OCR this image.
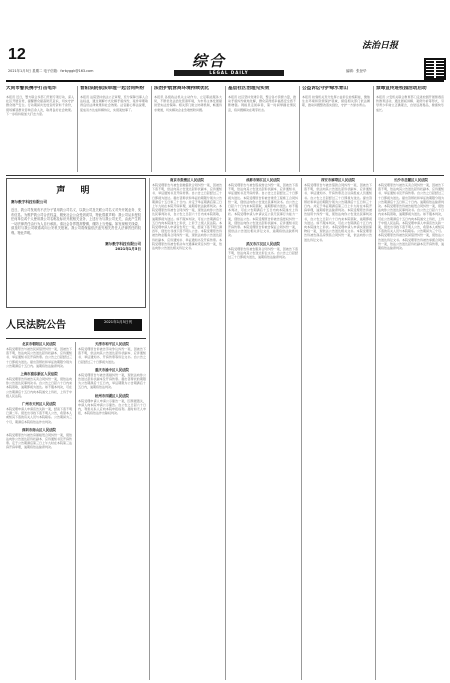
12
2021年1月5日 星期二 电子信箱：fzrbyggk@163.com
综合
LEGAL DAILY
法治日报
编辑：张登华
大同市警民携手打击电诈
本报讯 近日，警方联合多部门开展专项行动，深入社区开展宣传，提醒群众提高防范意识，切实守护群众财产安全。行动期间共发放宣传资料千余份，现场解答群众咨询百余人次，取得良好社会效果。下一步将持续加大打击力度。
晋阳法院依法审理一起合同纠纷
本报讯 法院坚持依法公正审理，充分保障当事人合法权益，通过调解方式化解矛盾纠纷，案件审理取得良好法律效果和社会效果。法官耐心释法说理，促成双方达成和解协议，实现案结事了。
法治护航营商环境持续优化
本报讯 各级政法机关主动作为，立足职能服务大局，不断优化法治化营商环境，为市场主体发展提供坚实法治保障。相关部门建立协调机制，畅通诉求渠道，切实解决企业急难愁盼问题。
基层社区治理见实效
本报讯 社区坚持党建引领，整合各方资源力量，推动矛盾纠纷就地化解，群众获得感幸福感安全感不断增强。网格员走街串巷，第一时间掌握社情民意，将问题解决在萌芽状态。
公益诉讼守护绿水青山
本报讯 检察机关充分发挥公益诉讼检察职能，聚焦生态环境和资源保护领域，督促相关部门依法履职，推动问题整改落实到位，守护一方绿水青山。
禁毒宣传进校园活动启动
本报讯 公安机关联合教育部门走进校园开展禁毒宣传教育活动，通过展板讲解、案例分析等形式，引导青少年树立正确观念，自觉远离毒品，健康快乐成长。
声 明
赛尔数字科技有限公司
近日，我公司发现有不法分子冒用我公司名义，以我公司及关联公司名义对外开展业务、发布信息。为维护我公司合法权益，避免社会公众受到误导，特此郑重声明：我公司从未授权任何单位或个人使用我公司名称及标识开展相关业务，上述行为与我公司无关，由此产生的一切法律责任由行为人自行承担。请社会各界提高警惕，谨防上当受骗。如发现相关线索，请及时与我公司联系或向公安机关报案。我公司将保留依法追究相关责任人法律责任的权利。特此声明。
赛尔数字科技有限公司
2021年1月5日
人民法院公告	2021年1月5日刊
北京市朝阳区人民法院
本院受理原告与被告民间借贷纠纷一案，因被告下落不明，依法向其公告送达起诉状副本、应诉通知书、举证通知书及开庭传票。自公告之日起经过三十日即视为送达。提出答辩状和举证的期限分别为公告期满后十五日内。逾期将依法缺席判决。
上海市浦东新区人民法院
本院受理原告诉被告买卖合同纠纷一案，现依法向你公告送达民事判决书。自公告之日起六十日内来本院领取，逾期即视为送达。如不服本判决，可在公告期满后十五日内向本院递交上诉状，上诉于中级人民法院。
广州市天河区人民法院
本院受理申请人申请宣告失踪一案，经查下落不明已满二年。现发出寻找下落不明人公告，希望本人或知其下落的有关人员与本院联系。公告期间为三个月，期满后本院将依法作出判决。
深圳市南山区人民法院
本院受理原告与被告房屋租赁合同纠纷一案，现依法向你公告送达起诉状副本、应诉通知书及开庭传票。定于公告期满后第三日上午九时在本院第三法庭开庭审理，逾期将依法缺席判决。
天津市和平区人民法院
本院受理原告诉被告劳动争议纠纷一案，因被告下落不明，依法向其公告送达起诉状副本、应诉通知书、举证通知书、开庭传票等诉讼文书。自公告之日起经过三十日即视为送达。
重庆市渝中区人民法院
本院受理原告与被告离婚纠纷一案，现依法向你公告送达起诉状副本及开庭传票。提出答辩状的期限为公告期满后十五日内，举证期限为公告期满后十五日内，逾期将依法判决。
杭州市西湖区人民法院
本院受理申请人申请公示催告一案，因票据遗失，申请人向本院申请公示催告。自公告之日起六十日内，利害关系人应向本院申报权利。届时如无人申报，本院将依法作出除权判决。
南京市鼓楼区人民法院
本院受理原告与被告金融借款合同纠纷一案，因被告下落不明，依法向其公告送达起诉状副本、应诉通知书、举证通知书及开庭传票。自公告之日起经过三十日即视为送达。提出答辩状和举证的期限分别为公告期满后十五日和三十日内。并定于举证期满后第三日上午九时在本院开庭审理，逾期将依法缺席判决。本院受理原告诉被告合同纠纷一案，现依法向你公告送达民事判决书，自公告之日起六十日内来本院领取，逾期即视为送达。如不服本判决，可在公告期满后十五日内向本院递交上诉状，上诉于上级人民法院。本院受理申请人申请宣告死亡一案，经查下落不明已满四年，现发出寻找下落不明人公告。本院受理原告诉被告物业服务合同纠纷一案，现依法向你公告送达起诉状副本、应诉通知书、举证通知书及开庭传票。本院受理原告诉被告机动车交通事故责任纠纷一案，依法向你公告送达相关诉讼文书。
成都市锦江区人民法院
本院受理原告与被告股权转让纠纷一案，因被告下落不明，依法向其公告送达起诉状副本、应诉通知书、举证通知书及开庭传票。自公告之日起经过三十日即视为送达。本院受理原告诉被告建设工程施工合同纠纷一案，现依法向你公告送达民事判决书。自公告之日起六十日内来本院领取，逾期即视为送达。如不服本判决，可在公告期满后十五日内向本院递交上诉状。本院受理申请人申请认定公民无民事行为能力一案，现依法公告。本院受理原告诉被告追偿权纠纷一案，现依法向你公告送达起诉状副本、应诉通知书及开庭传票。本院受理原告诉被告保证合同纠纷一案，现依法公告送达相关诉讼文书，逾期将依法缺席判决。
武汉市江汉区人民法院
本院受理原告诉被告服务合同纠纷一案，因被告下落不明，依法向其公告送达诉讼文书。自公告之日起经过三十日即视为送达，逾期将依法缺席判决。
西安市雁塔区人民法院
本院受理原告与被告借款合同纠纷一案，因被告下落不明，依法向其公告送达起诉状副本、应诉通知书、举证通知书、开庭传票及合议庭组成人员通知书。自公告之日起经过三十日即视为送达。提出答辩状和举证的期限分别为公告期满后十五日和三十日内。并定于举证期满后第三日上午九时在本院开庭审理，逾期将依法缺席判决。本院受理原告诉被告信用卡纠纷一案，现依法向你公告送达民事判决书，自公告之日起六十日内来本院领取，逾期即视为送达。如不服本判决，可在公告期满后十五日内向本院递交上诉状。本院受理申请人申请实现担保物权一案，现依法公告送达相关文书。本院受理原告诉被告商品房预售合同纠纷一案，依法向你公告送达诉讼文书。
长沙市岳麓区人民法院
本院受理原告与被告买卖合同纠纷一案，因被告下落不明，依法向其公告送达起诉状副本、应诉通知书、举证通知书及开庭传票。自公告之日起经过三十日即视为送达。提出答辩状和举证的期限分别为公告期满后十五日和三十日内。逾期将依法缺席判决。本院受理原告诉被告租赁合同纠纷一案，现依法向你公告送达民事判决书。自公告之日起六十日内来本院领取，逾期即视为送达。如不服本判决，可在公告期满后十五日内向本院递交上诉状，上诉于中级人民法院。本院受理申请人申请宣告失踪一案，现发出寻找下落不明人公告，希望本人或知其下落的有关人员与本院联系。公告期间为三个月。本院受理原告诉被告民间借贷纠纷一案，现依法公告送达诉讼文书。本院受理原告诉被告承揽合同纠纷一案，依法公告送达起诉状副本及开庭传票，逾期将依法缺席判决。
